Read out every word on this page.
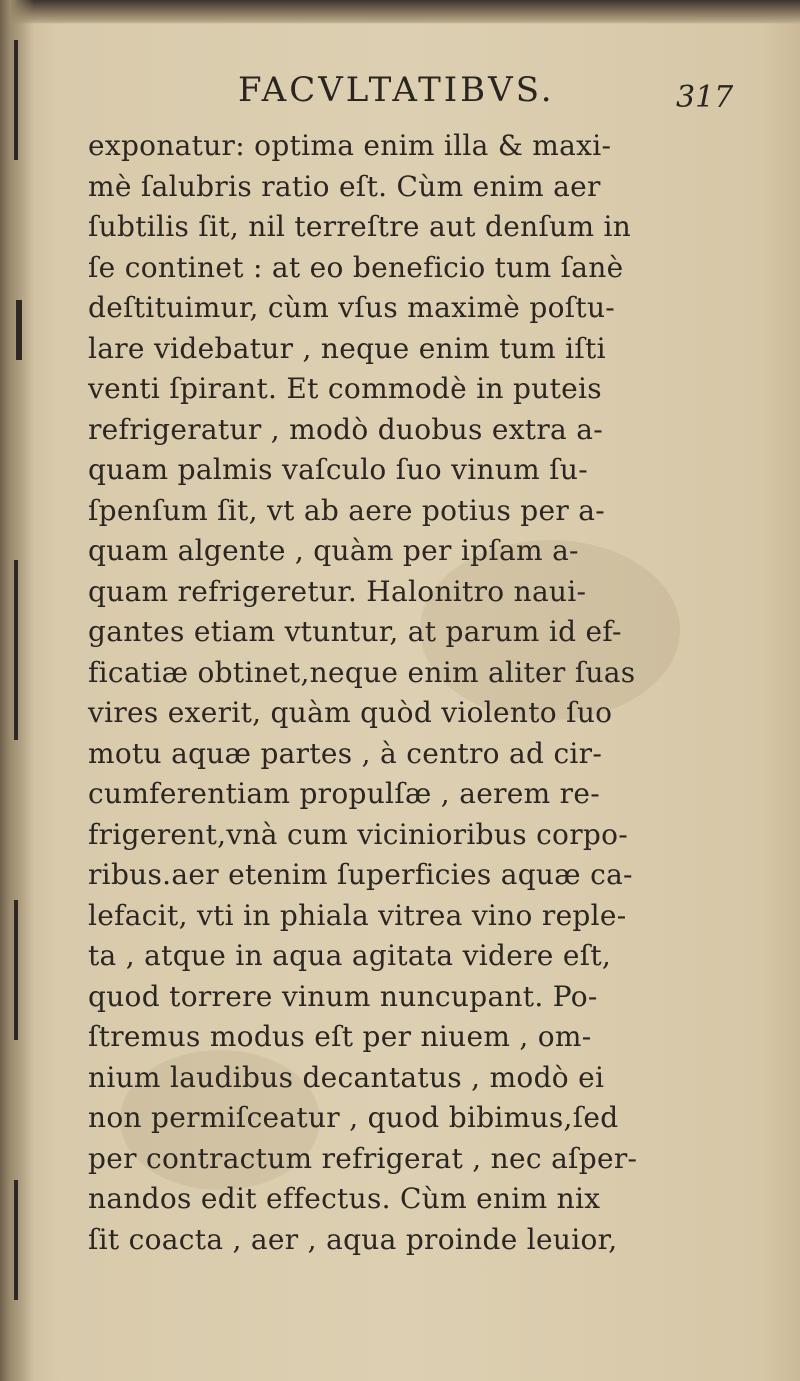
FACVLTATIBVS.	317
exponatur: optima enim illa & maxi-
mè ſalubris ratio eſt. Cùm enim aer
ſubtilis ſit, nil terreſtre aut denſum in
ſe continet : at eo beneficio tum ſanè
deſtituimur, cùm vſus maximè poſtu-
lare videbatur , neque enim tum iſti
venti ſpirant. Et commodè in puteis
refrigeratur , modò duobus extra a-
quam palmis vaſculo ſuo vinum ſu-
ſpenſum ſit, vt ab aere potius per a-
quam algente , quàm per ipſam a-
quam refrigeretur. Halonitro naui-
gantes etiam vtuntur, at parum id ef-
ficatiæ obtinet,neque enim aliter ſuas
vires exerit, quàm quòd violento ſuo
motu aquæ partes , à centro ad cir-
cumferentiam propulſæ , aerem re-
frigerent,vnà cum vicinioribus corpo-
ribus.aer etenim ſuperficies aquæ ca-
lefacit, vti in phiala vitrea vino reple-
ta , atque in aqua agitata videre eſt,
quod torrere vinum nuncupant. Po-
ſtremus modus eſt per niuem , om-
nium laudibus decantatus , modò ei
non permiſceatur , quod bibimus,ſed
per contractum refrigerat , nec aſper-
nandos edit effectus. Cùm enim nix
ſit coacta , aer , aqua proinde leuior,
